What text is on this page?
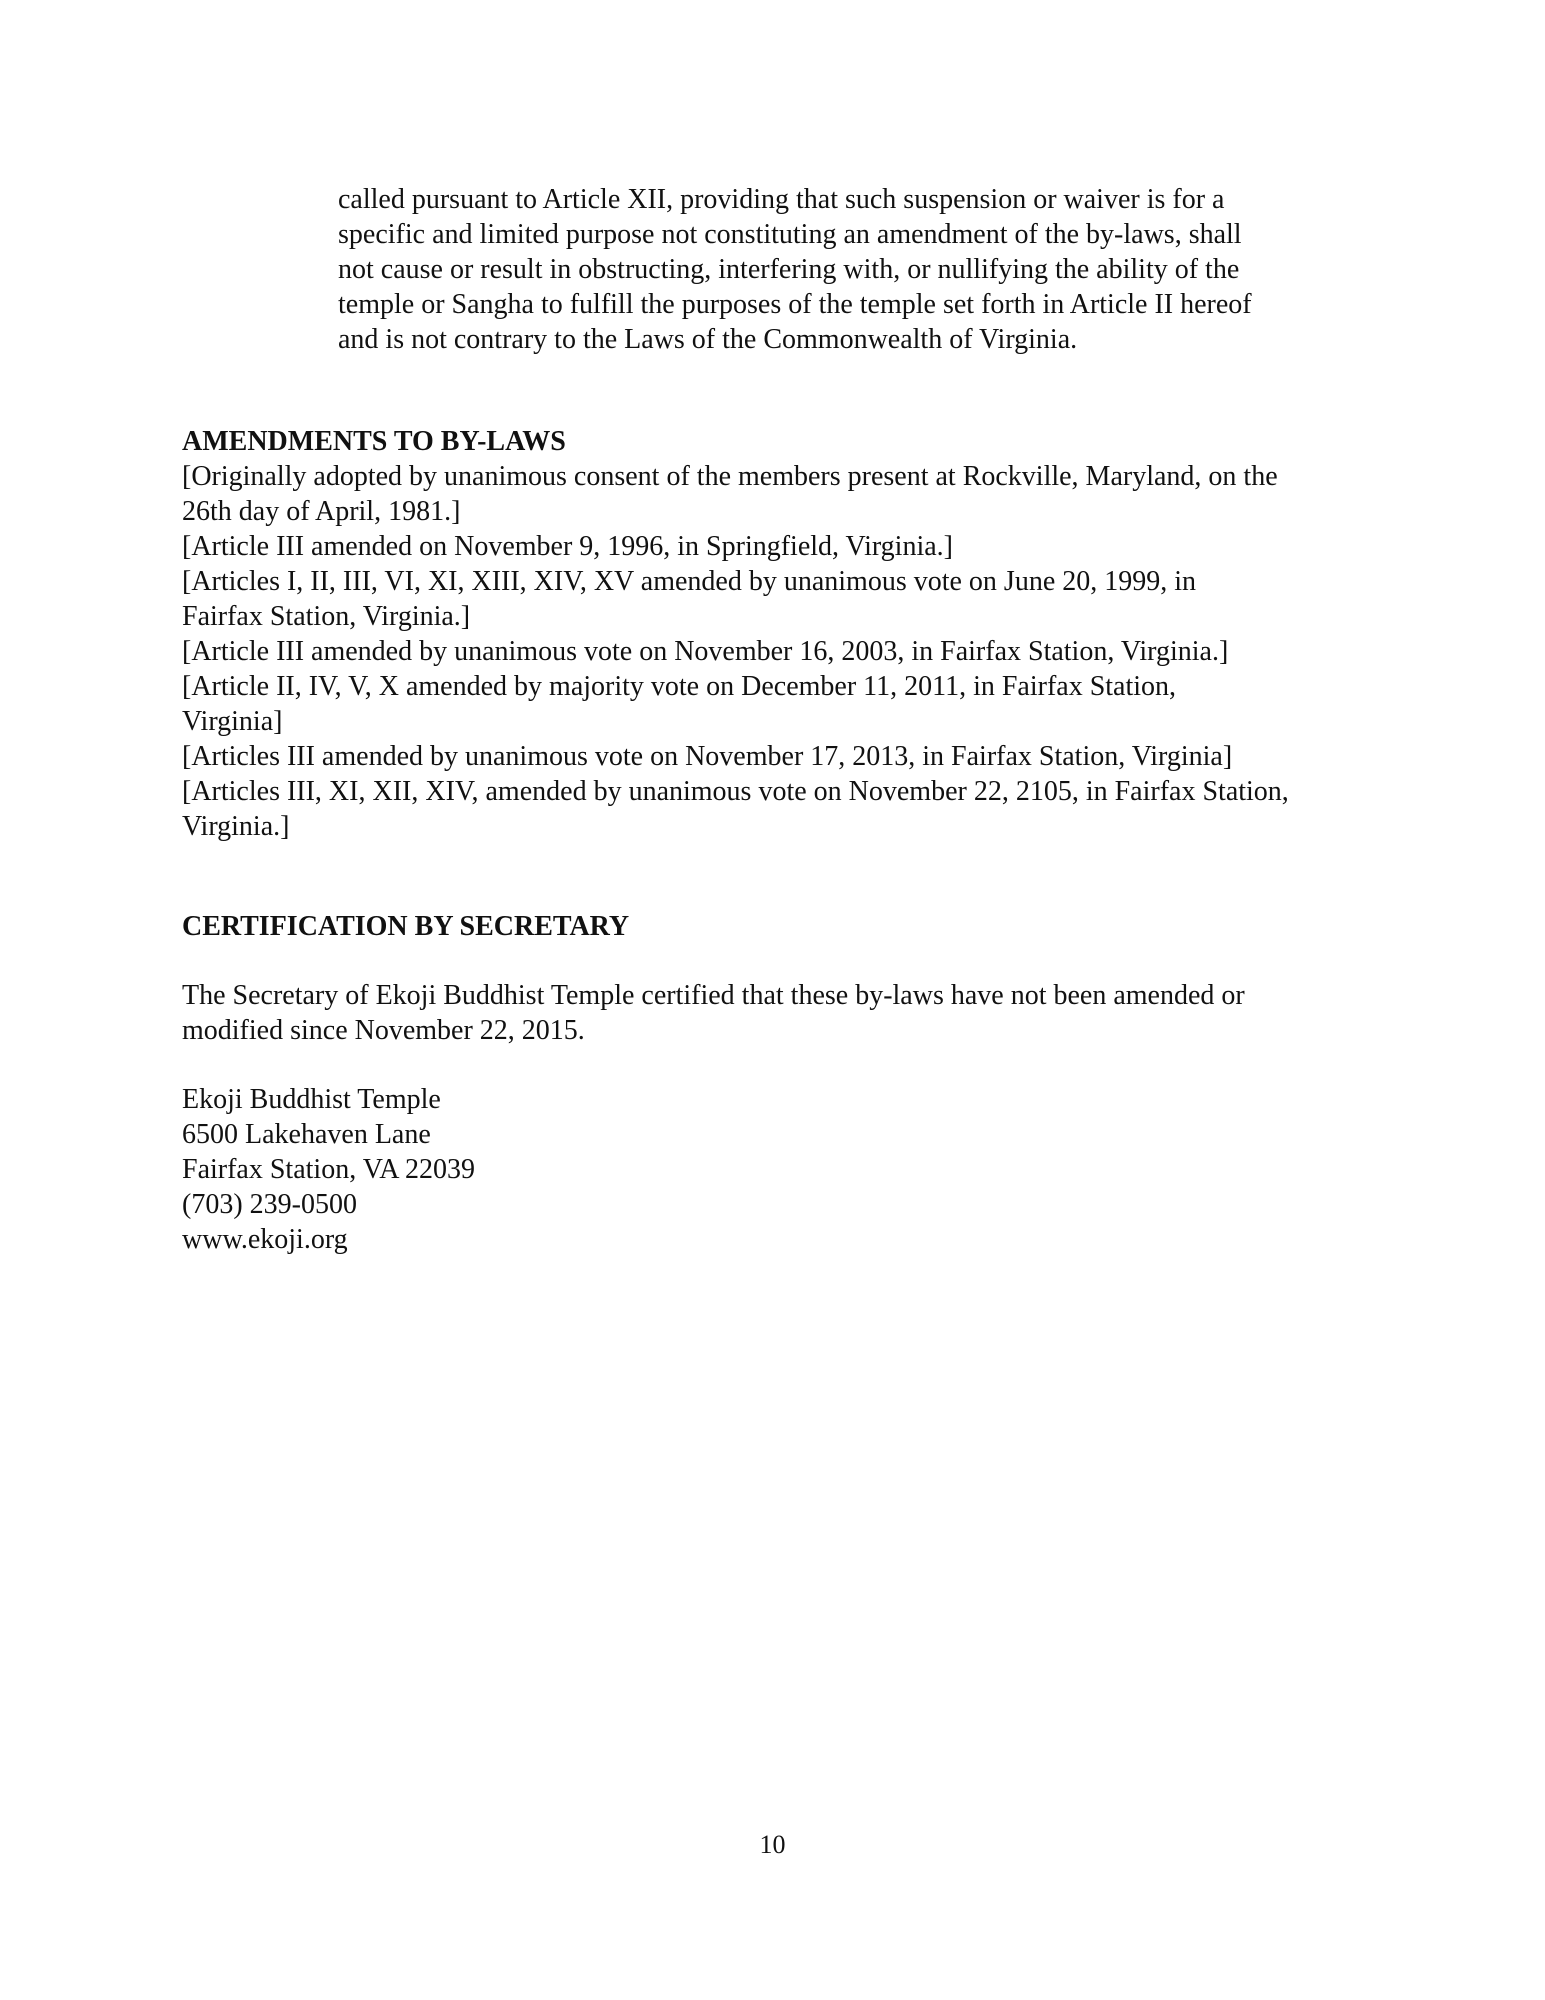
called pursuant to Article XII, providing that such suspension or waiver is for a
specific and limited purpose not constituting an amendment of the by-laws, shall
not cause or result in obstructing, interfering with, or nullifying the ability of the
temple or Sangha to fulfill the purposes of the temple set forth in Article II hereof
and is not contrary to the Laws of the Commonwealth of Virginia.
AMENDMENTS TO BY-LAWS
[Originally adopted by unanimous consent of the members present at Rockville, Maryland, on the
26th day of April, 1981.]
[Article III amended on November 9, 1996, in Springfield, Virginia.]
[Articles I, II, III, VI, XI, XIII, XIV, XV amended by unanimous vote on June 20, 1999, in
Fairfax Station, Virginia.]
[Article III amended by unanimous vote on November 16, 2003, in Fairfax Station, Virginia.]
[Article II, IV, V, X amended by majority vote on December 11, 2011, in Fairfax Station,
Virginia]
[Articles III amended by unanimous vote on November 17, 2013, in Fairfax Station, Virginia]
[Articles III, XI, XII, XIV, amended by unanimous vote on November 22, 2105, in Fairfax Station,
Virginia.]
CERTIFICATION BY SECRETARY
The Secretary of Ekoji Buddhist Temple certified that these by-laws have not been amended or
modified since November 22, 2015.
Ekoji Buddhist Temple
6500 Lakehaven Lane
Fairfax Station, VA 22039
(703) 239-0500
www.ekoji.org
10
